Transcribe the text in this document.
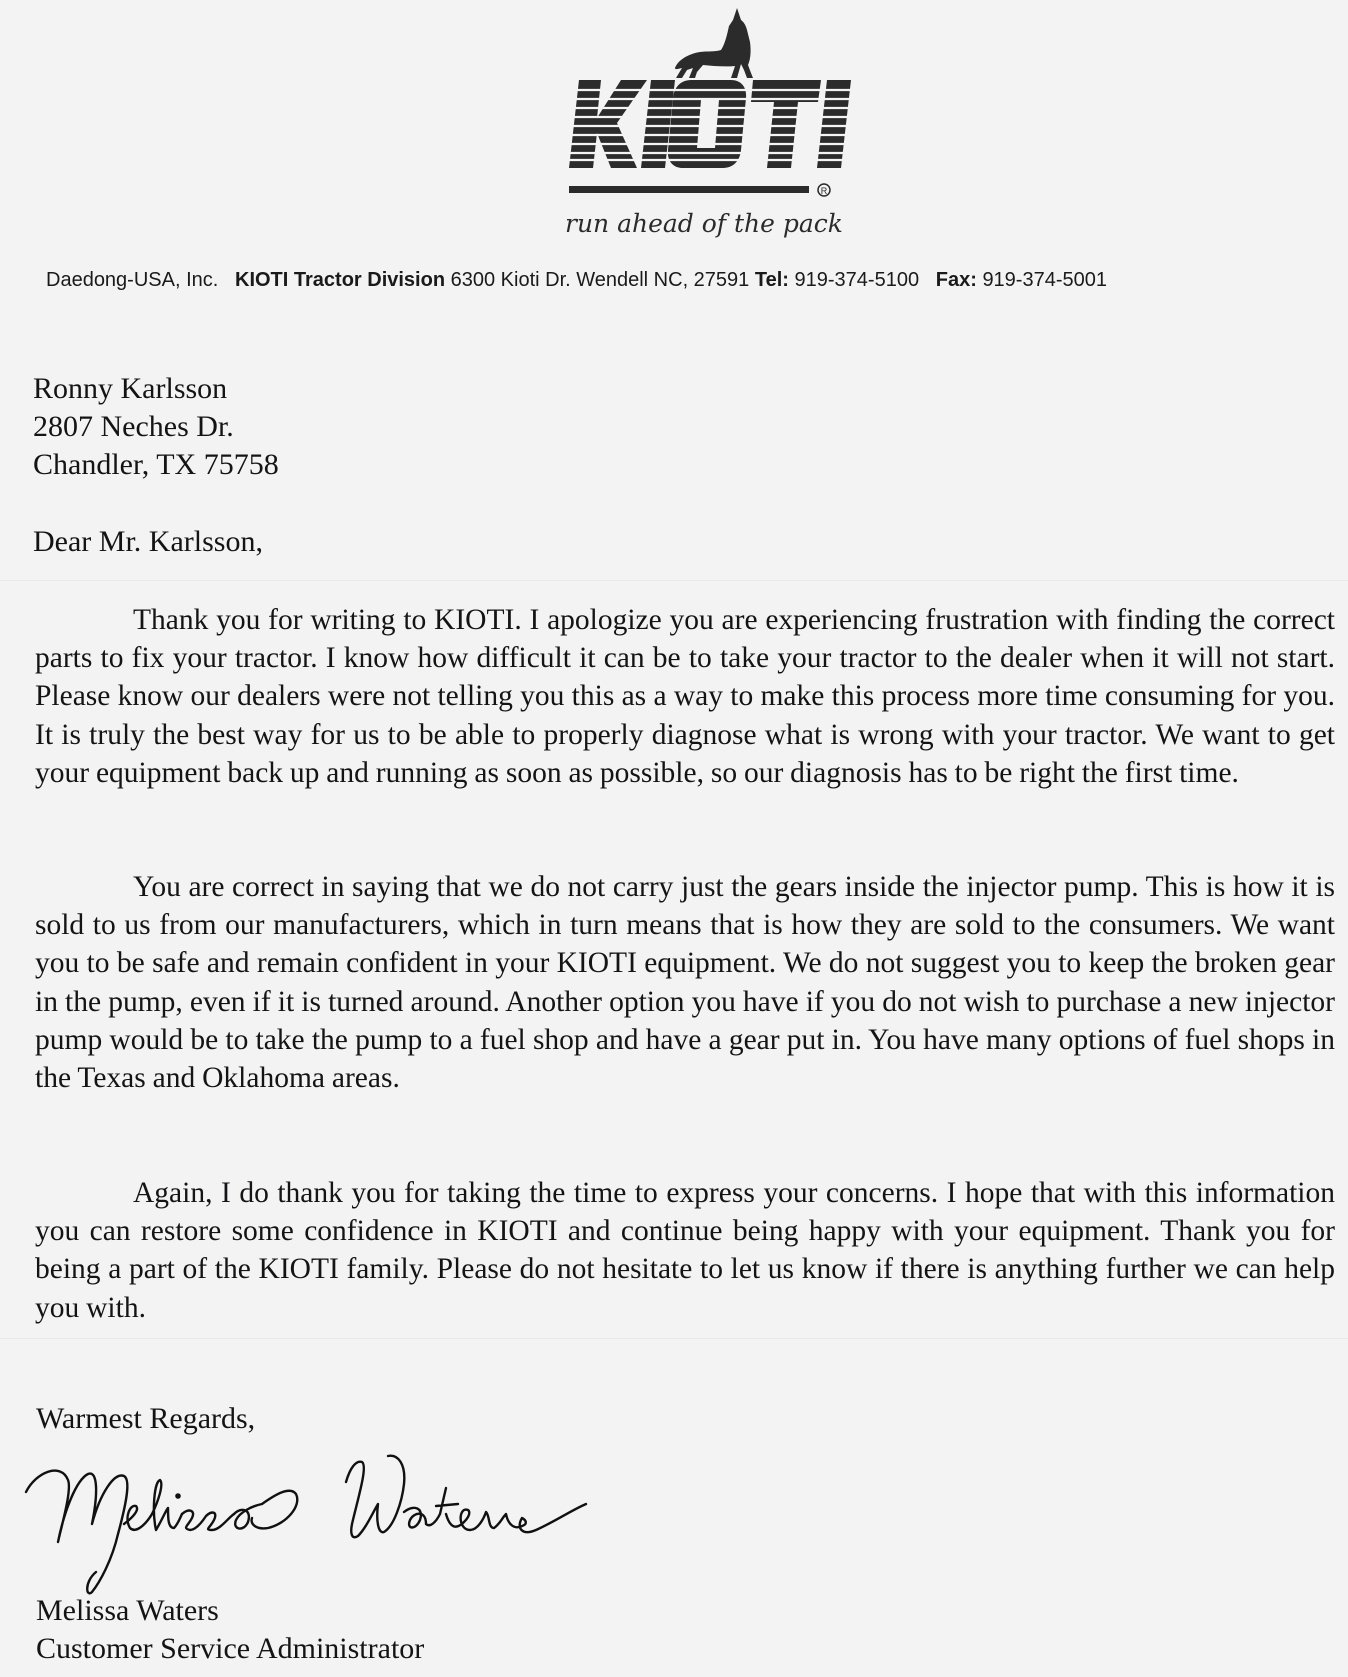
R
run ahead of the pack
Daedong-USA, Inc. KIOTI Tractor Division 6300 Kioti Dr. Wendell NC, 27591 Tel: 919-374-5100 Fax: 919-374-5001
Ronny Karlsson
2807 Neches Dr.
Chandler, TX 75758
Dear Mr. Karlsson,

Thank you for writing to KIOTI. I apologize you are experiencing frustration with finding the correct parts to fix your tractor. I know how difficult it can be to take your tractor to the dealer when it will not start. Please know our dealers were not telling you this as a way to make this process more time consuming for you. It is truly the best way for us to be able to properly diagnose what is wrong with your tractor. We want to get your equipment back up and running as soon as possible, so our diagnosis has to be right the first time.

You are correct in saying that we do not carry just the gears inside the injector pump. This is how it is sold to us from our manufacturers, which in turn means that is how they are sold to the consumers. We want you to be safe and remain confident in your KIOTI equipment. We do not suggest you to keep the broken gear in the pump, even if it is turned around. Another option you have if you do not wish to purchase a new injector pump would be to take the pump to a fuel shop and have a gear put in. You have many options of fuel shops in the Texas and Oklahoma areas.

Again, I do thank you for taking the time to express your concerns. I hope that with this information you can restore some confidence in KIOTI and continue being happy with your equipment. Thank you for being a part of the KIOTI family. Please do not hesitate to let us know if there is anything further we can help you with.

Warmest Regards,
Melissa Waters
Customer Service Administrator
